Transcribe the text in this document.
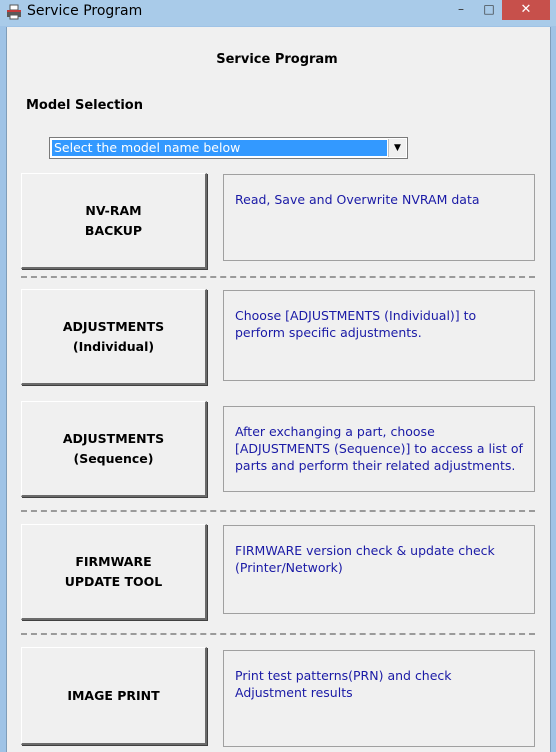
Service Program	–	□	✕
Service Program
Model Selection
Select the model name below	▼
NV-RAM
BACKUP
Read, Save and Overwrite NVRAM data
ADJUSTMENTS
(Individual)
Choose [ADJUSTMENTS (Individual)] to perform specific adjustments.
ADJUSTMENTS
(Sequence)
After exchanging a part, choose [ADJUSTMENTS (Sequence)] to access a list of parts and perform their related adjustments.
FIRMWARE
UPDATE TOOL
FIRMWARE version check & update check (Printer/Network)
IMAGE PRINT
Print test patterns(PRN) and check  Adjustment results
